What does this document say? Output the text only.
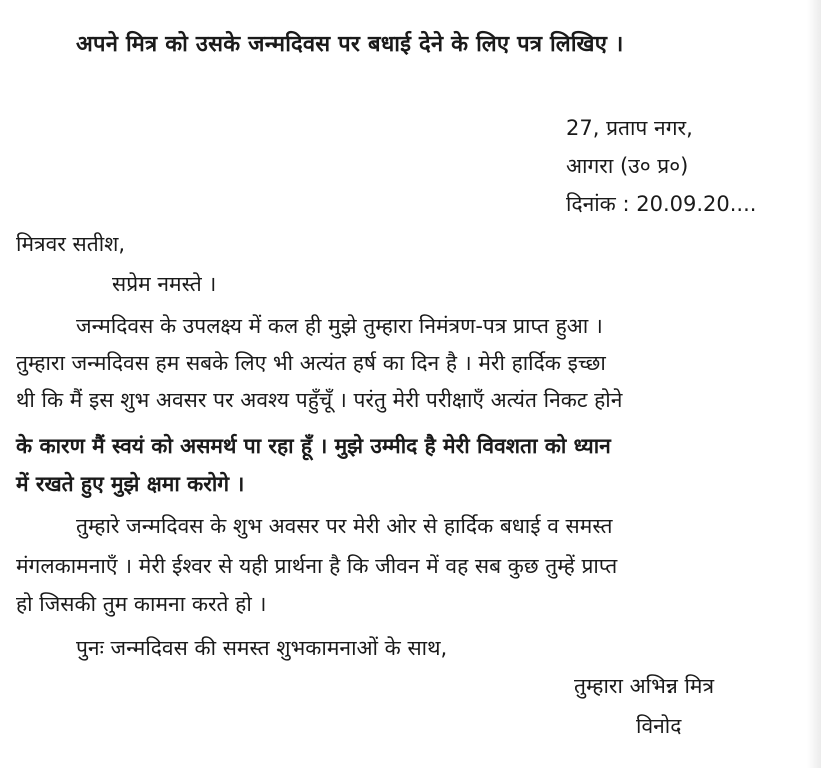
अपने मित्र को उसके जन्मदिवस पर बधाई देने के लिए पत्र लिखिए ।
27, प्रताप नगर,
आगरा (उ० प्र०)
दिनांक : 20.09.20....
मित्रवर सतीश,
सप्रेम नमस्ते ।
जन्मदिवस के उपलक्ष्य में कल ही मुझे तुम्हारा निमंत्रण-पत्र प्राप्त हुआ ।
तुम्हारा जन्मदिवस हम सबके लिए भी अत्यंत हर्ष का दिन है । मेरी हार्दिक इच्छा
थी कि मैं इस शुभ अवसर पर अवश्य पहुँचूँ । परंतु मेरी परीक्षाएँ अत्यंत निकट होने
के कारण मैं स्वयं को असमर्थ पा रहा हूँ । मुझे उम्मीद है मेरी विवशता को ध्यान
में रखते हुए मुझे क्षमा करोगे ।
तुम्हारे जन्मदिवस के शुभ अवसर पर मेरी ओर से हार्दिक बधाई व समस्त
मंगलकामनाएँ । मेरी ईश्वर से यही प्रार्थना है कि जीवन में वह सब कुछ तुम्हें प्राप्त
हो जिसकी तुम कामना करते हो ।
पुनः जन्मदिवस की समस्त शुभकामनाओं के साथ,
तुम्हारा अभिन्न मित्र
विनोद
